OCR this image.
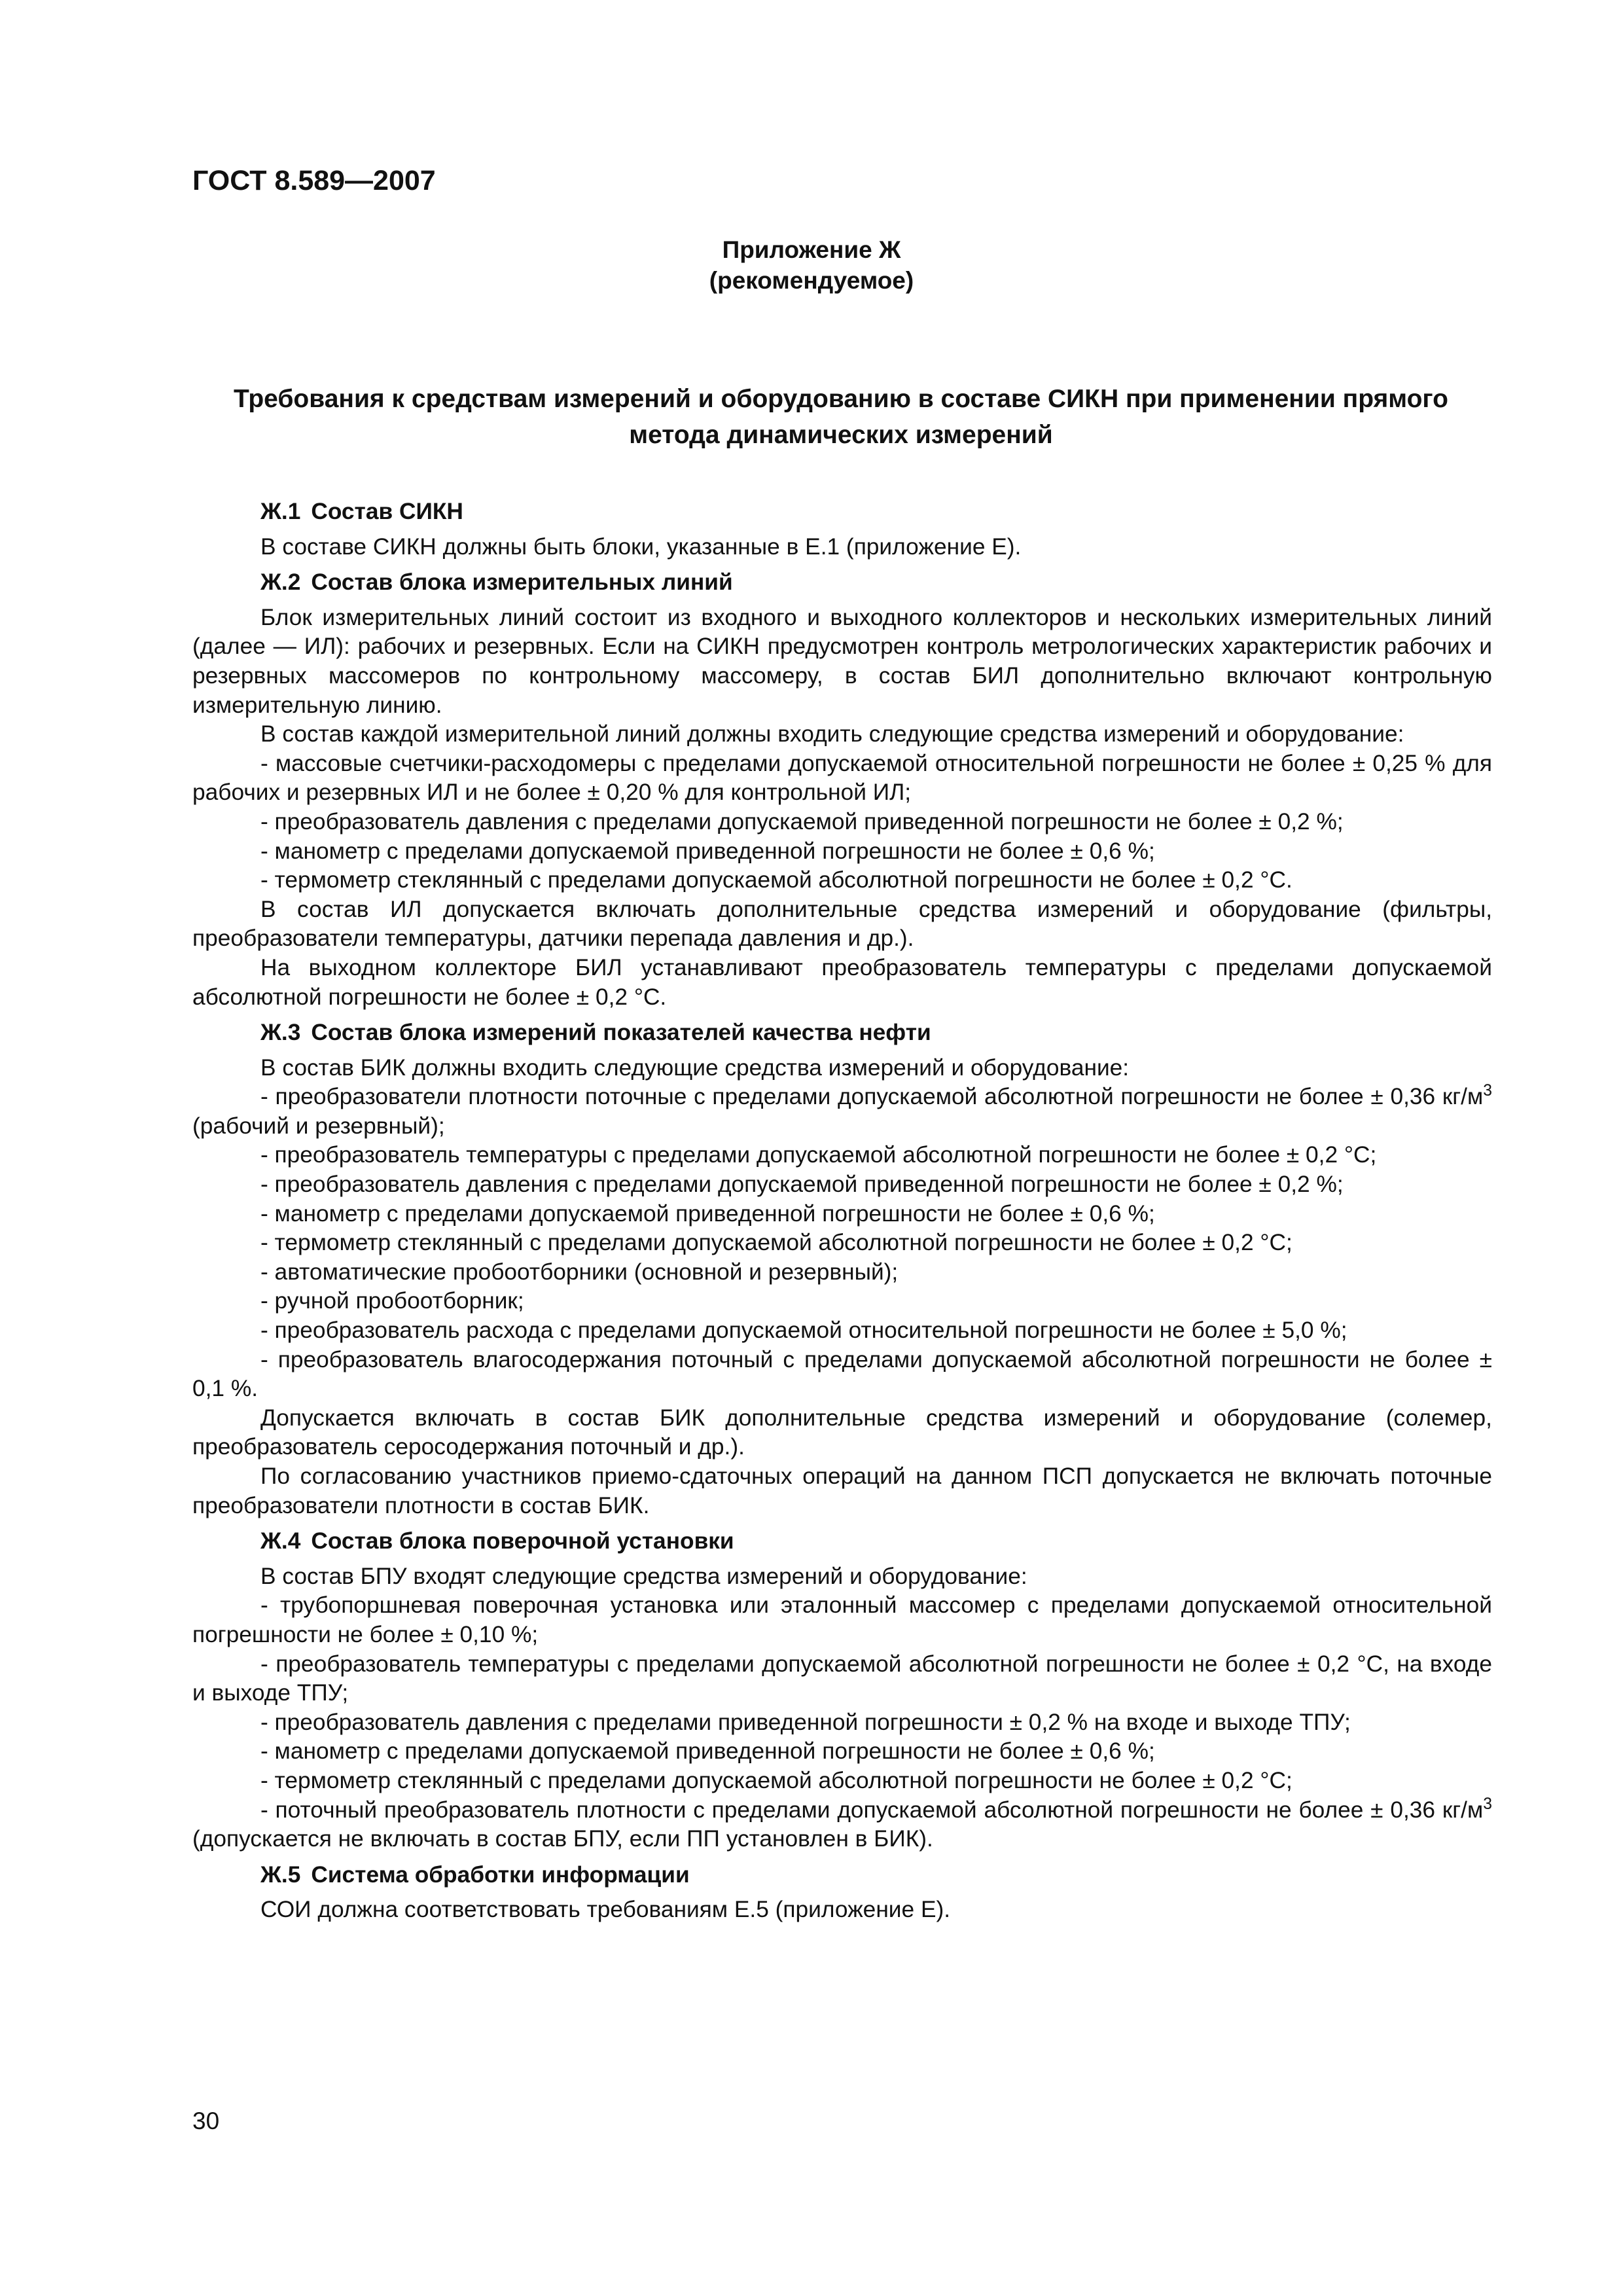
ГОСТ 8.589—2007
Приложение Ж
(рекомендуемое)
Требования к средствам измерений и оборудованию в составе СИКН при применении прямого метода динамических измерений
Ж.1 Состав СИКН

В составе СИКН должны быть блоки, указанные в Е.1 (приложение Е).

Ж.2 Состав блока измерительных линий

Блок измерительных линий состоит из входного и выходного коллекторов и нескольких измерительных линий (далее — ИЛ): рабочих и резервных. Если на СИКН предусмотрен контроль метрологических характеристик рабочих и резервных массомеров по контрольному массомеру, в состав БИЛ дополнительно включают контрольную измерительную линию.

В состав каждой измерительной линий должны входить следующие средства измерений и оборудование:

- массовые счетчики-расходомеры с пределами допускаемой относительной погрешности не более ± 0,25 % для рабочих и резервных ИЛ и не более ± 0,20 % для контрольной ИЛ;

- преобразователь давления с пределами допускаемой приведенной погрешности не более ± 0,2 %;

- манометр с пределами допускаемой приведенной погрешности не более ± 0,6 %;

- термометр стеклянный с пределами допускаемой абсолютной погрешности не более ± 0,2 °С.

В состав ИЛ допускается включать дополнительные средства измерений и оборудование (фильтры, преобразователи температуры, датчики перепада давления и др.).

На выходном коллекторе БИЛ устанавливают преобразователь температуры с пределами допускаемой абсолютной погрешности не более ± 0,2 °С.

Ж.3 Состав блока измерений показателей качества нефти

В состав БИК должны входить следующие средства измерений и оборудование:

- преобразователи плотности поточные с пределами допускаемой абсолютной погрешности не более ± 0,36 $кг/м^3$ (рабочий и резервный);

- преобразователь температуры с пределами допускаемой абсолютной погрешности не более ± 0,2 °С;

- преобразователь давления с пределами допускаемой приведенной погрешности не более ± 0,2 %;

- манометр с пределами допускаемой приведенной погрешности не более ± 0,6 %;

- термометр стеклянный с пределами допускаемой абсолютной погрешности не более ± 0,2 °С;

- автоматические пробоотборники (основной и резервный);

- ручной пробоотборник;

- преобразователь расхода с пределами допускаемой относительной погрешности не более ± 5,0 %;

- преобразователь влагосодержания поточный с пределами допускаемой абсолютной погрешности не более ± 0,1 %.

Допускается включать в состав БИК дополнительные средства измерений и оборудование (солемер, преобразователь серосодержания поточный и др.).

По согласованию участников приемо-сдаточных операций на данном ПСП допускается не включать поточные преобразователи плотности в состав БИК.

Ж.4 Состав блока поверочной установки

В состав БПУ входят следующие средства измерений и оборудование:

- трубопоршневая поверочная установка или эталонный массомер с пределами допускаемой относительной погрешности не более ± 0,10 %;

- преобразователь температуры с пределами допускаемой абсолютной погрешности не более ± 0,2 °С, на входе и выходе ТПУ;

- преобразователь давления с пределами приведенной погрешности ± 0,2 % на входе и выходе ТПУ;

- манометр с пределами допускаемой приведенной погрешности не более ± 0,6 %;

- термометр стеклянный с пределами допускаемой абсолютной погрешности не более ± 0,2 °С;

- поточный преобразователь плотности с пределами допускаемой абсолютной погрешности не более ± 0,36 $кг/м^3$ (допускается не включать в состав БПУ, если ПП установлен в БИК).

Ж.5 Система обработки информации

СОИ должна соответствовать требованиям Е.5 (приложение Е).

30
